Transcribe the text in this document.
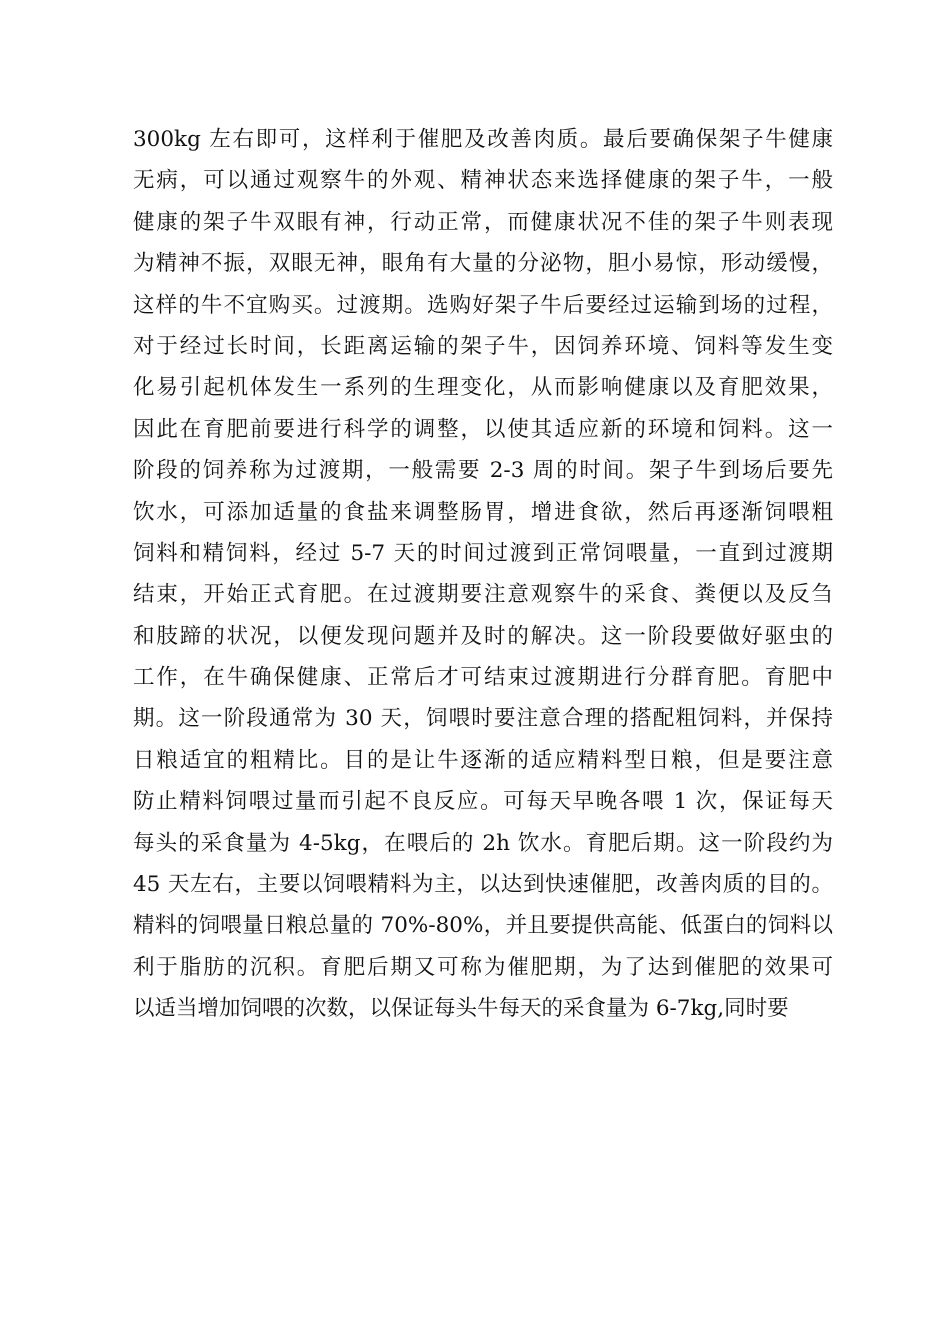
300kg 左右即可，这样利于催肥及改善肉质。最后要确保架子牛健康
无病，可以通过观察牛的外观、精神状态来选择健康的架子牛，一般
健康的架子牛双眼有神，行动正常，而健康状况不佳的架子牛则表现
为精神不振，双眼无神，眼角有大量的分泌物，胆小易惊，形动缓慢，
这样的牛不宜购买。过渡期。选购好架子牛后要经过运输到场的过程，
对于经过长时间，长距离运输的架子牛，因饲养环境、饲料等发生变
化易引起机体发生一系列的生理变化，从而影响健康以及育肥效果，
因此在育肥前要进行科学的调整，以使其适应新的环境和饲料。这一
阶段的饲养称为过渡期，一般需要 2-3 周的时间。架子牛到场后要先
饮水，可添加适量的食盐来调整肠胃，增进食欲，然后再逐渐饲喂粗
饲料和精饲料，经过 5-7 天的时间过渡到正常饲喂量，一直到过渡期
结束，开始正式育肥。在过渡期要注意观察牛的采食、粪便以及反刍
和肢蹄的状况，以便发现问题并及时的解决。这一阶段要做好驱虫的
工作，在牛确保健康、正常后才可结束过渡期进行分群育肥。育肥中
期。这一阶段通常为 30 天，饲喂时要注意合理的搭配粗饲料，并保持
日粮适宜的粗精比。目的是让牛逐渐的适应精料型日粮，但是要注意
防止精料饲喂过量而引起不良反应。可每天早晚各喂 1 次，保证每天
每头的采食量为 4-5kg，在喂后的 2h 饮水。育肥后期。这一阶段约为
45 天左右，主要以饲喂精料为主，以达到快速催肥，改善肉质的目的。
精料的饲喂量日粮总量的 70%-80%，并且要提供高能、低蛋白的饲料以
利于脂肪的沉积。育肥后期又可称为催肥期，为了达到催肥的效果可
以适当增加饲喂的次数，以保证每头牛每天的采食量为 6-7kg,同时要
